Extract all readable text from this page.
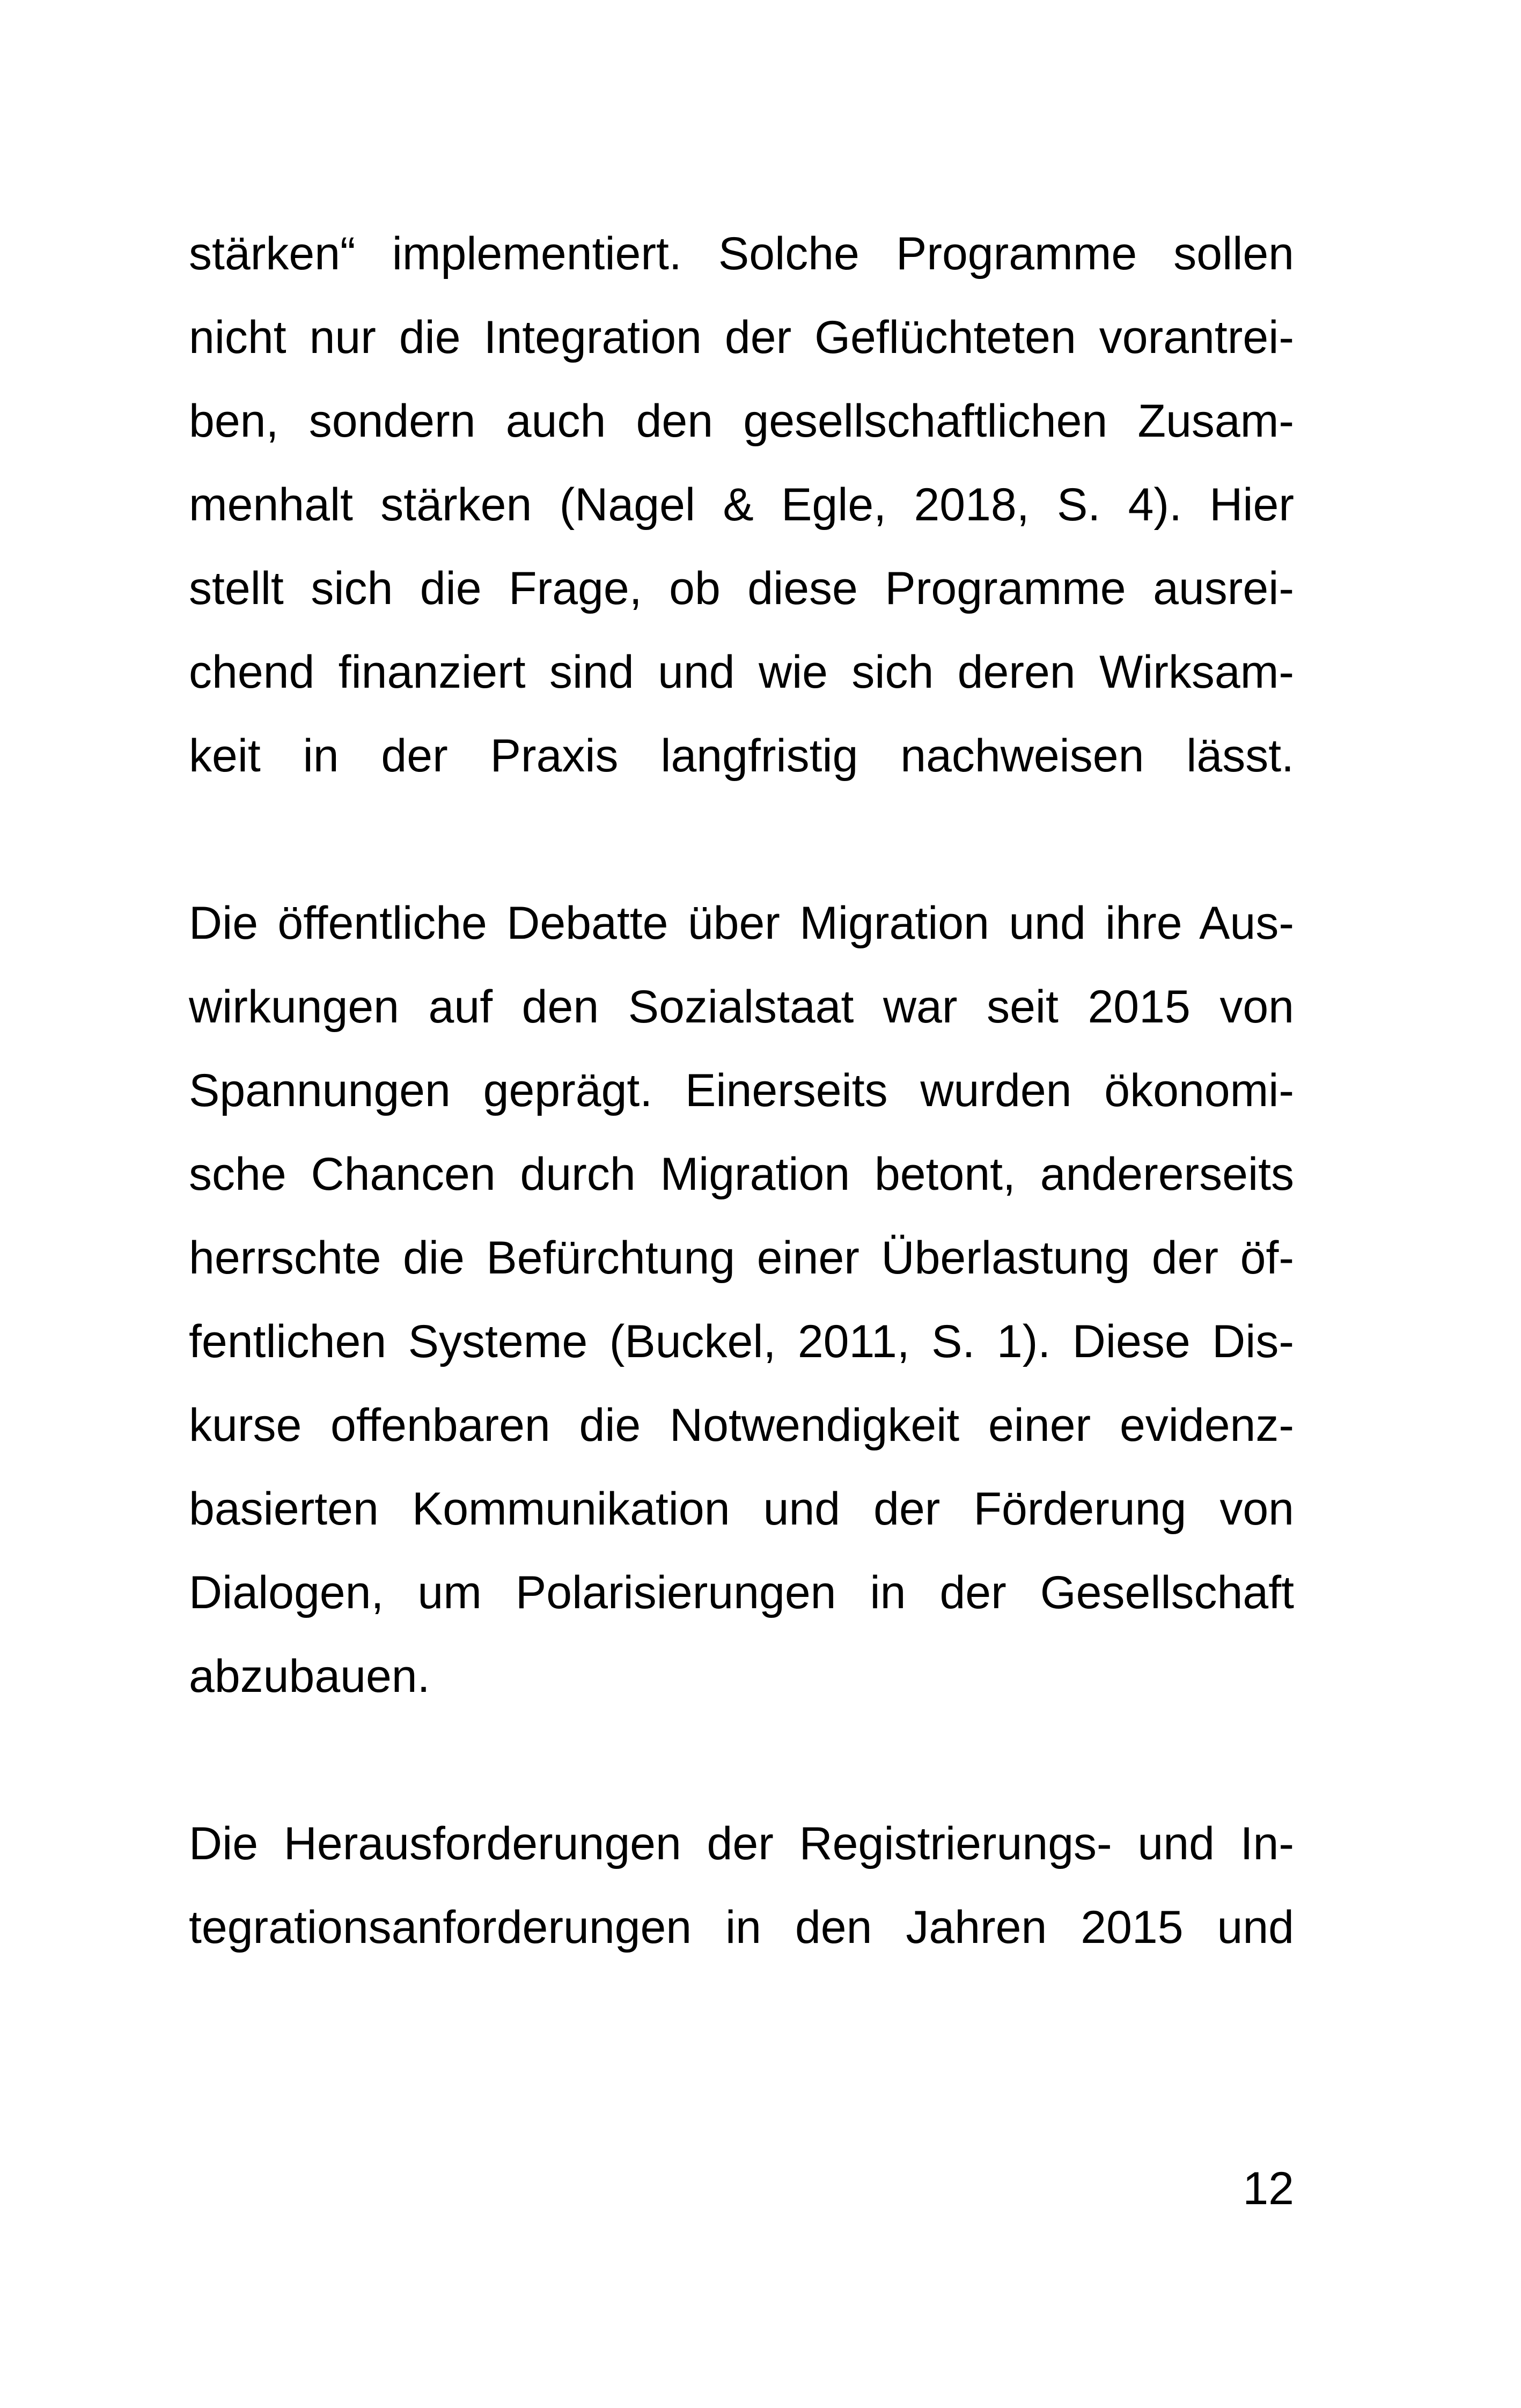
stärken“ implementiert. Solche Programme sollen
nicht nur die Integration der Geflüchteten vorantrei-
ben, sondern auch den gesellschaftlichen Zusam-
menhalt stärken (Nagel & Egle, 2018, S. 4). Hier
stellt sich die Frage, ob diese Programme ausrei-
chend finanziert sind und wie sich deren Wirksam-
keit in der Praxis langfristig nachweisen lässt.
Die öffentliche Debatte über Migration und ihre Aus-
wirkungen auf den Sozialstaat war seit 2015 von
Spannungen geprägt. Einerseits wurden ökonomi-
sche Chancen durch Migration betont, andererseits
herrschte die Befürchtung einer Überlastung der öf-
fentlichen Systeme (Buckel, 2011, S. 1). Diese Dis-
kurse offenbaren die Notwendigkeit einer evidenz-
basierten Kommunikation und der Förderung von
Dialogen, um Polarisierungen in der Gesellschaft
abzubauen.
Die Herausforderungen der Registrierungs- und In-
tegrationsanforderungen in den Jahren 2015 und
12
